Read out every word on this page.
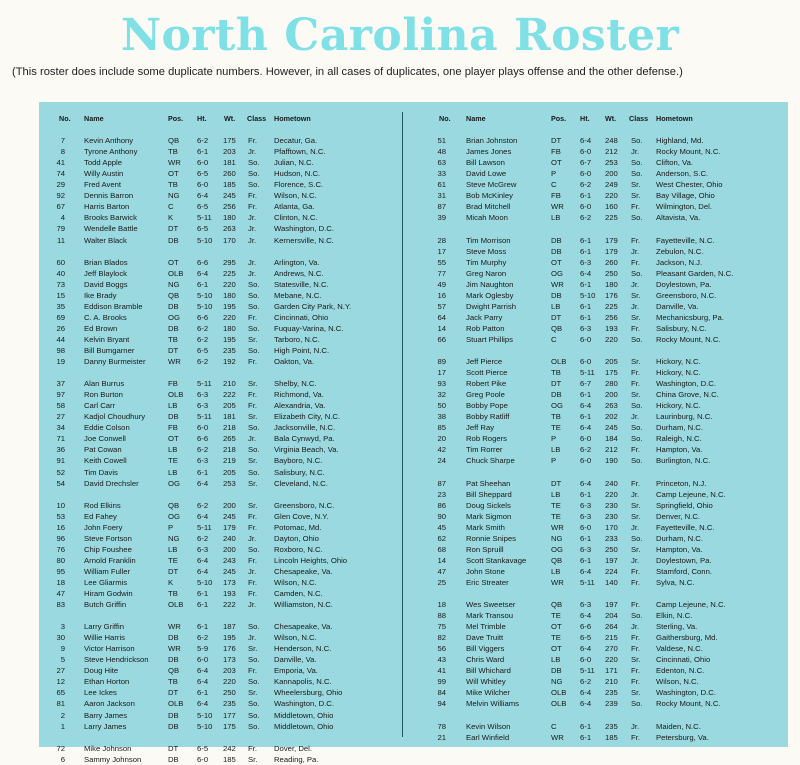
North Carolina Roster
(This roster does include some duplicate numbers. However, in all cases of duplicates, one player plays offense and the other defense.)
No. Name	Pos. Ht. Wt. Class Hometown
7 Kevin Anthony	QB 6-2 175 Fr. Decatur, Ga.
8 Tyrone Anthony	TB 6-1 203 Jr. Pfafftown, N.C.
41 Todd Apple	WR 6-0 181 So. Julian, N.C.
74 Willy Austin	OT 6-5 260 So. Hudson, N.C.
29 Fred Avent	TB 6-0 185 So. Florence, S.C.
92 Dennis Barron	NG 6-4 245 Fr. Wilson, N.C.
67 Harris Barton	C	6-5 256 Fr. Atlanta, Ga.
4 Brooks Barwick	K	5-11 180 Jr. Clinton, N.C.
79 Wendelle Battle	DT 6-5 263 Jr. Washington, D.C.
11 Walter Black	DB 5-10 170 Jr. Kernersville, N.C.
60 Brian Blados	OT 6-6 295 Jr. Arlington, Va.
40 Jeff Blaylock	OLB 6-4 225 Jr. Andrews, N.C.
73 David Boggs	NG 6-1 220 So. Statesville, N.C.
15 Ike Brady	QB 5-10 180 So. Mebane, N.C.
35 Eddison Bramble	DB 5-10 195 So. Garden City Park, N.Y.
69 C. A. Brooks	OG 6-6 220 Fr. Cincinnati, Ohio
26 Ed Brown	DB 6-2 180 So. Fuquay-Varina, N.C.
44 Kelvin Bryant	TB 6-2 195 Sr. Tarboro, N.C.
98 Bill Bumgarner	DT 6-5 235 So. High Point, N.C.
19 Danny Burmeister	WR 6-2 192 Fr. Oakton, Va.
37 Alan Burrus	FB 5-11 210 Sr. Shelby, N.C.
97 Ron Burton	OLB 6-3 222 Fr. Richmond, Va.
58 Carl Carr	LB	6-3 205 Fr. Alexandria, Va.
27 Kadjol Choudhury	DB 5-11 181 Sr. Elizabeth City, N.C.
34 Eddie Colson	FB 6-0 218 So. Jacksonville, N.C.
71 Joe Conwell	OT 6-6 265 Jr. Bala Cynwyd, Pa.
36 Pat Cowan	LB	6-2 218 So. Virginia Beach, Va.
91 Keith Cowell	TE 6-3 219 Sr. Bayboro, N.C.
52 Tim Davis	LB	6-1 205 So. Salisbury, N.C.
54 David Drechsler	OG 6-4 253 Sr. Cleveland, N.C.
10 Rod Elkins	QB 6-2 200 Sr. Greensboro, N.C.
53 Ed Fahey	OG 6-4 245 Fr. Glen Cove, N.Y.
16 John Foery	P	5-11 179 Fr. Potomac, Md.
96 Steve Fortson	NG 6-2 240 Jr. Dayton, Ohio
76 Chip Foushee	LB	6-3 200 So. Roxboro, N.C.
80 Arnold Franklin	TE 6-4 243 Fr. Lincoln Heights, Ohio
95 William Fuller	DT 6-4 245 Jr. Chesapeake, Va.
18 Lee Gliarmis	K	5-10 173 Fr. Wilson, N.C.
47 Hiram Godwin	TB 6-1 193 Fr. Camden, N.C.
83 Butch Griffin	OLB 6-1 222 Jr. Williamston, N.C.
3 Larry Griffin	WR 6-1 187 So. Chesapeake, Va.
30 Willie Harris	DB 6-2 195 Jr. Wilson, N.C.
9 Victor Harrison	WR 5-9 176 Sr. Henderson, N.C.
5 Steve Hendrickson	DB 6-0 173 So. Danville, Va.
27 Doug Hite	QB 6-4 203 Fr. Emporia, Va.
12 Ethan Horton	TB 6-4 220 So. Kannapolis, N.C.
65 Lee Ickes	DT 6-1 250 Sr. Wheelersburg, Ohio
81 Aaron Jackson	OLB 6-4 235 So. Washington, D.C.
2 Barry James	DB 5-10 177 So. Middletown, Ohio
1 Larry James	DB 5-10 175 So. Middletown, Ohio
72 Mike Johnson	DT 6-5 242 Fr. Dover, Del.
6 Sammy Johnson	DB 6-0 185 Sr. Reading, Pa.
No. Name	Pos. Ht. Wt. Class Hometown
51	Brian Johnston	DT 6-4 248 So. Highland, Md.
48	James Jones	FB 6-0 212 Jr. Rocky Mount, N.C.
63	Bill Lawson	OT 6-7 253 So. Clifton, Va.
33	David Lowe	P	6-0 200 So. Anderson, S.C.
61	Steve McGrew	C	6-2 249 Sr. West Chester, Ohio
31	Bob McKinley	FB 6-1 220 Sr. Bay Village, Ohio
87	Brad Mitchell	WR 6-0 160 Fr. Wilmington, Del.
39	Micah Moon	LB	6-2 225 So. Altavista, Va.
28	Tim Morrison	DB 6-1 179 Fr. Fayetteville, N.C.
17	Steve Moss	DB 6-1 179 Jr. Zebulon, N.C.
55	Tim Murphy	OT 6-3 260 Fr. Jackson, N.J.
77	Greg Naron	OG 6-4 250 So. Pleasant Garden, N.C.
49	Jim Naughton	WR 6-1 180 Jr. Doylestown, Pa.
16	Mark Oglesby	DB 5-10 176 Sr. Greensboro, N.C.
57	Dwight Parrish	LB	6-1 225 Jr. Danville, Va.
64	Jack Parry	DT 6-1 256 Sr. Mechanicsburg, Pa.
14	Rob Patton	QB 6-3 193 Fr. Salisbury, N.C.
66	Stuart Phillips	C	6-0 220 So. Rocky Mount, N.C.
89	Jeff Pierce	OLB 6-0 205 Sr. Hickory, N.C.
17	Scott Pierce	TB 5-11 175 Fr. Hickory, N.C.
93	Robert Pike	DT 6-7 280 Fr. Washington, D.C.
32	Greg Poole	DB 6-1 200 Sr. China Grove, N.C.
50	Bobby Pope	OG 6-4 263 So. Hickory, N.C.
38	Bobby Ratliff	TB 6-1 202 Jr. Laurinburg, N.C.
85	Jeff Ray	TE 6-4 245 So. Durham, N.C.
20	Rob Rogers	P	6-0 184 So. Raleigh, N.C.
42	Tim Rorrer	LB	6-2 212 Fr. Hampton, Va.
24	Chuck Sharpe	P	6-0 190 So. Burlington, N.C.
87	Pat Sheehan	DT 6-4 240 Fr. Princeton, N.J.
23	Bill Sheppard	LB	6-1 220 Jr. Camp Lejeune, N.C.
86	Doug Sickels	TE 6-3 230 Sr. Springfield, Ohio
90	Mark Sigmon	TE 6-3 230 Sr. Denver, N.C.
45	Mark Smith	WR 6-0 170 Jr. Fayetteville, N.C.
62	Ronnie Snipes	NG 6-1 233 So. Durham, N.C.
68	Ron Spruill	OG 6-3 250 Sr. Hampton, Va.
14	Scott Stankavage	QB 6-1 197 Jr. Doylestown, Pa.
47	John Stone	LB	6-4 224 Fr. Stamford, Conn.
25	Eric Streater	WR 5-11 140 Fr. Sylva, N.C.
18	Wes Sweetser	QB 6-3 197 Fr. Camp Lejeune, N.C.
88	Mark Transou	TE 6-4 204 So. Elkin, N.C.
75	Mel Trimble	OT 6-6 264 Jr. Sterling, Va.
82	Dave Truitt	TE 6-5 215 Fr. Gaithersburg, Md.
56	Bill Viggers	OT 6-4 270 Fr. Valdese, N.C.
43	Chris Ward	LB	6-0 220 Sr. Cincinnati, Ohio
41	Bill Whichard	DB 5-11 171 Fr. Edenton, N.C.
99	Will Whitley	NG 6-2 210 Fr. Wilson, N.C.
84	Mike Wilcher	OLB 6-4 235 Sr. Washington, D.C.
94	Melvin Williams	OLB 6-4 239 So. Rocky Mount, N.C.
78	Kevin Wilson	C	6-1 235 Jr. Maiden, N.C.
21	Earl Winfield	WR 6-1 185 Fr. Petersburg, Va.
